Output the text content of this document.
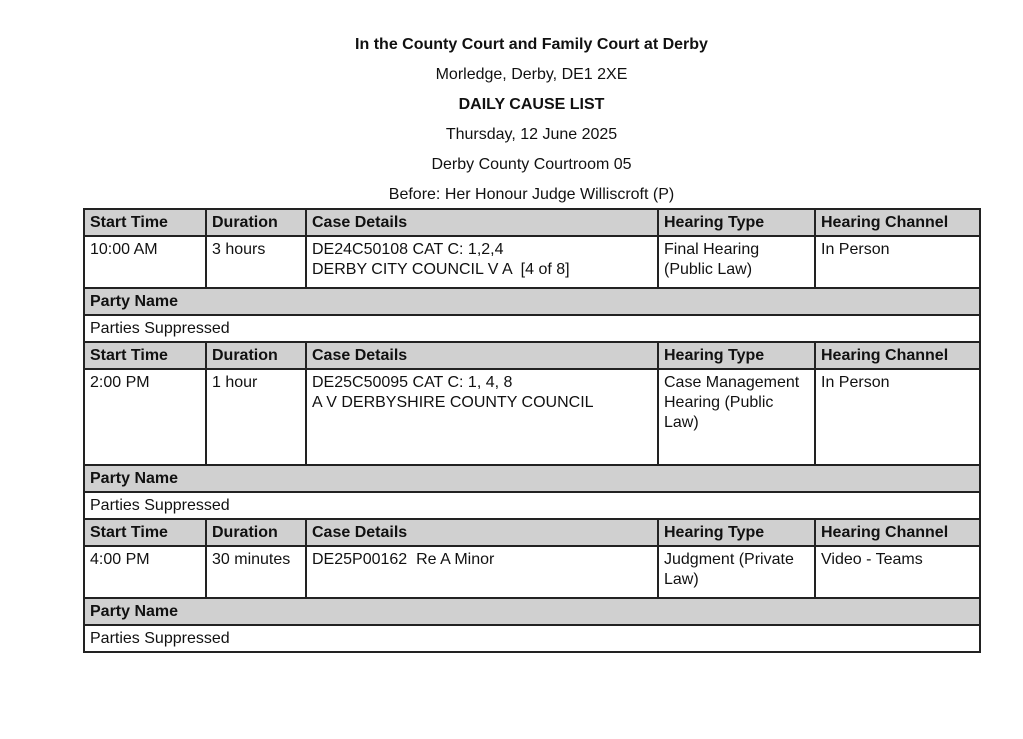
In the County Court and Family Court at Derby
Morledge, Derby, DE1 2XE
DAILY CAUSE LIST
Thursday, 12 June 2025
Derby County Courtroom 05
Before: Her Honour Judge Williscroft (P)
Start Time	Duration	Case Details	Hearing Type	Hearing Channel
10:00 AM	3 hours	DE24C50108 CAT C: 1,2,4
DERBY CITY COUNCIL V A  [4 of 8]	Final Hearing (Public Law)	In Person
Party Name				
Parties Suppressed				
Start Time	Duration	Case Details	Hearing Type	Hearing Channel
2:00 PM	1 hour	DE25C50095 CAT C: 1, 4, 8
A V DERBYSHIRE COUNTY COUNCIL	Case Management Hearing (Public Law)	In Person
Party Name				
Parties Suppressed				
Start Time	Duration	Case Details	Hearing Type	Hearing Channel
4:00 PM	30 minutes	DE25P00162  Re A Minor	Judgment (Private Law)	Video - Teams
Party Name				
Parties Suppressed				
